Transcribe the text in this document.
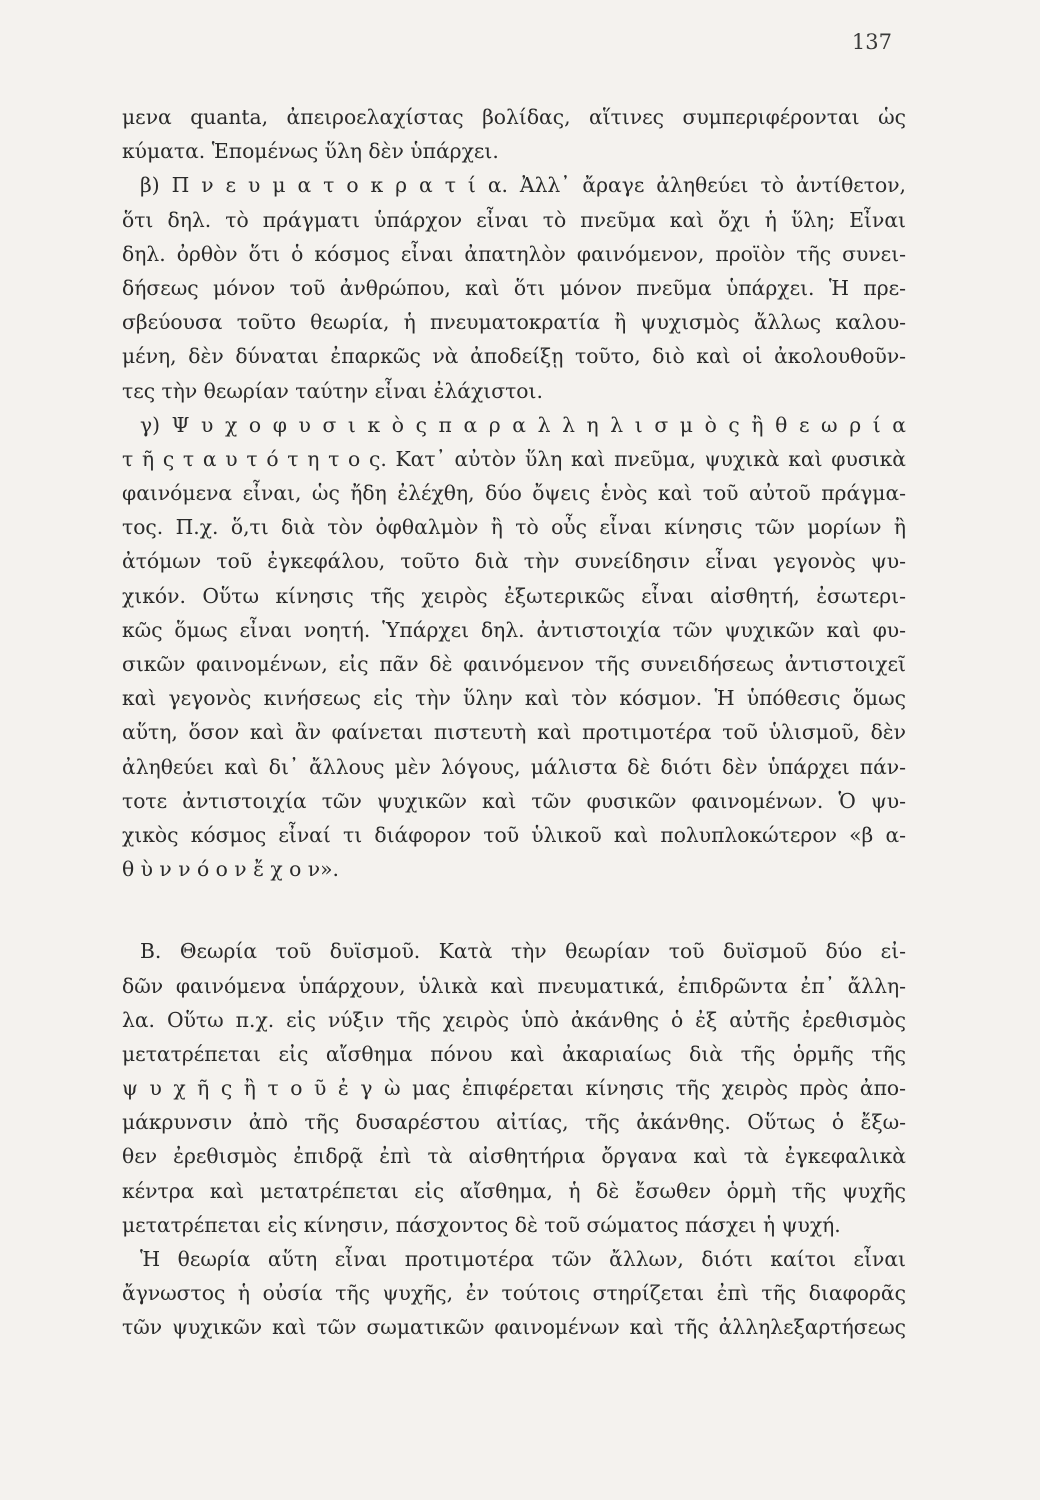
137
μενα quanta, ἀπειροελαχίστας βολίδας, αἵτινες συμπεριφέρονται ὡς
κύματα. Ἑπομένως ὕλη δὲν ὑπάρχει.
β) Π ν ε υ μ α τ ο κ ρ α τ ί α. Ἀλλ᾽ ἄραγε ἀληθεύει τὸ ἀντίθετον,
ὅτι δηλ. τὸ πράγματι ὑπάρχον εἶναι τὸ πνεῦμα καὶ ὄχι ἡ ὕλη; Εἶναι
δηλ. ὀρθὸν ὅτι ὁ κόσμος εἶναι ἀπατηλὸν φαινόμενον, προϊὸν τῆς συνει-
δήσεως μόνον τοῦ ἀνθρώπου, καὶ ὅτι μόνον πνεῦμα ὑπάρχει. Ἡ πρε-
σβεύουσα τοῦτο θεωρία, ἡ πνευματοκρατία ἢ ψυχισμὸς ἄλλως καλου-
μένη, δὲν δύναται ἐπαρκῶς νὰ ἀποδείξῃ τοῦτο, διὸ καὶ οἱ ἀκολουθοῦν-
τες τὴν θεωρίαν ταύτην εἶναι ἐλάχιστοι.
γ) Ψ υ χ ο φ υ σ ι κ ὸ ς π α ρ α λ λ η λ ι σ μ ὸ ς ἢ θ ε ω ρ ί α
τ ῆ ς τ α υ τ ό τ η τ ο ς. Κατ᾽ αὐτὸν ὕλη καὶ πνεῦμα, ψυχικὰ καὶ φυσικὰ
φαινόμενα εἶναι, ὡς ἤδη ἐλέχθη, δύο ὄψεις ἑνὸς καὶ τοῦ αὐτοῦ πράγμα-
τος. Π.χ. ὅ,τι διὰ τὸν ὀφθαλμὸν ἢ τὸ οὖς εἶναι κίνησις τῶν μορίων ἢ
ἀτόμων τοῦ ἐγκεφάλου, τοῦτο διὰ τὴν συνείδησιν εἶναι γεγονὸς ψυ-
χικόν. Οὕτω κίνησις τῆς χειρὸς ἐξωτερικῶς εἶναι αἰσθητή, ἐσωτερι-
κῶς ὅμως εἶναι νοητή. Ὑπάρχει δηλ. ἀντιστοιχία τῶν ψυχικῶν καὶ φυ-
σικῶν φαινομένων, εἰς πᾶν δὲ φαινόμενον τῆς συνειδήσεως ἀντιστοιχεῖ
καὶ γεγονὸς κινήσεως εἰς τὴν ὕλην καὶ τὸν κόσμον. Ἡ ὑπόθεσις ὅμως
αὕτη, ὅσον καὶ ἂν φαίνεται πιστευτὴ καὶ προτιμοτέρα τοῦ ὑλισμοῦ, δὲν
ἀληθεύει καὶ δι᾽ ἄλλους μὲν λόγους, μάλιστα δὲ διότι δὲν ὑπάρχει πάν-
τοτε ἀντιστοιχία τῶν ψυχικῶν καὶ τῶν φυσικῶν φαινομένων. Ὁ ψυ-
χικὸς κόσμος εἶναί τι διάφορον τοῦ ὑλικοῦ καὶ πολυπλοκώτερον «β α-
θ ὺ ν ν ό ο ν ἔ χ ο ν».
B. Θεωρία τοῦ δυϊσμοῦ. Κατὰ τὴν θεωρίαν τοῦ δυϊσμοῦ δύο εἰ-
δῶν φαινόμενα ὑπάρχουν, ὑλικὰ καὶ πνευματικά, ἐπιδρῶντα ἐπ᾽ ἄλλη-
λα. Οὕτω π.χ. εἰς νύξιν τῆς χειρὸς ὑπὸ ἀκάνθης ὁ ἐξ αὐτῆς ἐρεθισμὸς
μετατρέπεται εἰς αἴσθημα πόνου καὶ ἀκαριαίως διὰ τῆς ὁρμῆς τῆς
ψ υ χ ῆ ς ἢ τ ο ῦ ἐ γ ὼ μας ἐπιφέρεται κίνησις τῆς χειρὸς πρὸς ἀπο-
μάκρυνσιν ἀπὸ τῆς δυσαρέστου αἰτίας, τῆς ἀκάνθης. Οὕτως ὁ ἔξω-
θεν ἐρεθισμὸς ἐπιδρᾷ ἐπὶ τὰ αἰσθητήρια ὄργανα καὶ τὰ ἐγκεφαλικὰ
κέντρα καὶ μετατρέπεται εἰς αἴσθημα, ἡ δὲ ἔσωθεν ὁρμὴ τῆς ψυχῆς
μετατρέπεται εἰς κίνησιν, πάσχοντος δὲ τοῦ σώματος πάσχει ἡ ψυχή.
Ἡ θεωρία αὕτη εἶναι προτιμοτέρα τῶν ἄλλων, διότι καίτοι εἶναι
ἄγνωστος ἡ οὐσία τῆς ψυχῆς, ἐν τούτοις στηρίζεται ἐπὶ τῆς διαφορᾶς
τῶν ψυχικῶν καὶ τῶν σωματικῶν φαινομένων καὶ τῆς ἀλληλεξαρτήσεως
